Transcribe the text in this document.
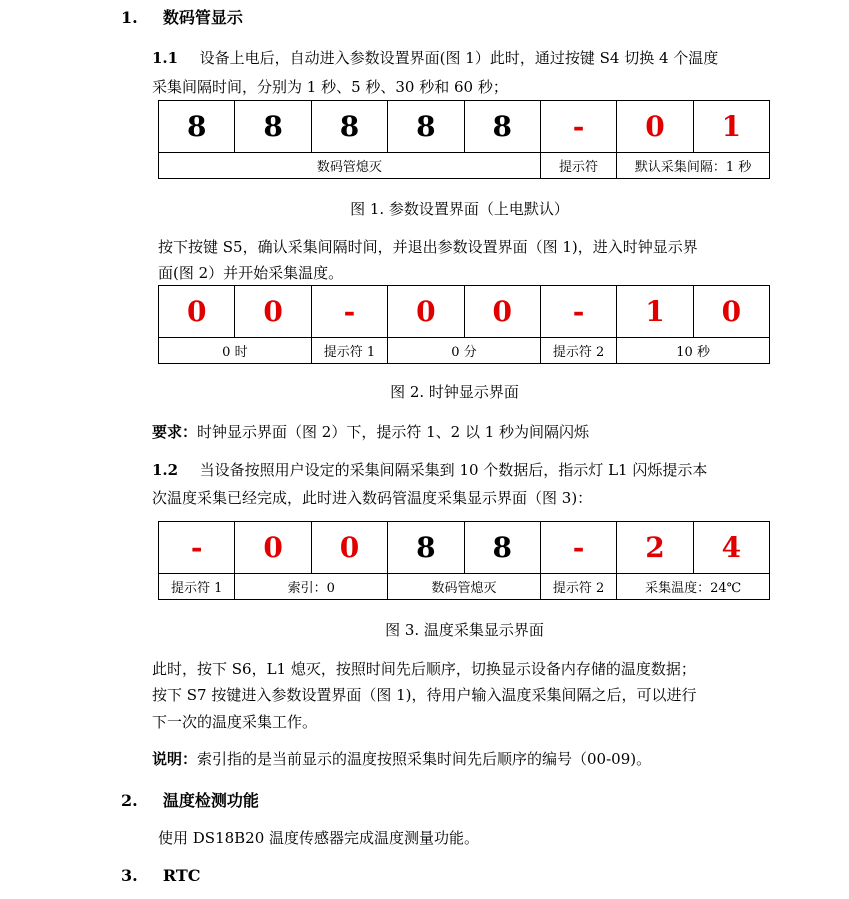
1. 数码管显示
1.1 设备上电后，自动进入参数设置界面(图 1）此时，通过按键 S4 切换 4 个温度
采集间隔时间，分别为 1 秒、5 秒、30 秒和 60 秒；
8	8	8	8	8	-	0	1
数码管熄灭					提示符	默认采集间隔：1 秒	
图 1. 参数设置界面（上电默认）
按下按键 S5，确认采集间隔时间，并退出参数设置界面（图 1)，进入时钟显示界
面(图 2）并开始采集温度。
0	0	-	0	0	-	1	0
0 时		提示符 1	0 分		提示符 2	10 秒	
图 2. 时钟显示界面
要求：时钟显示界面（图 2）下，提示符 1、2 以 1 秒为间隔闪烁
1.2 当设备按照用户设定的采集间隔采集到 10 个数据后，指示灯 L1 闪烁提示本
次温度采集已经完成，此时进入数码管温度采集显示界面（图 3)：
-	0	0	8	8	-	2	4
提示符 1	索引：0		数码管熄灭		提示符 2	采集温度：24℃	
图 3. 温度采集显示界面
此时，按下 S6，L1 熄灭，按照时间先后顺序，切换显示设备内存储的温度数据；
按下 S7 按键进入参数设置界面（图 1)，待用户输入温度采集间隔之后，可以进行
下一次的温度采集工作。
说明：索引指的是当前显示的温度按照采集时间先后顺序的编号（00-09)。
2. 温度检测功能
使用 DS18B20 温度传感器完成温度测量功能。
3. RTC
